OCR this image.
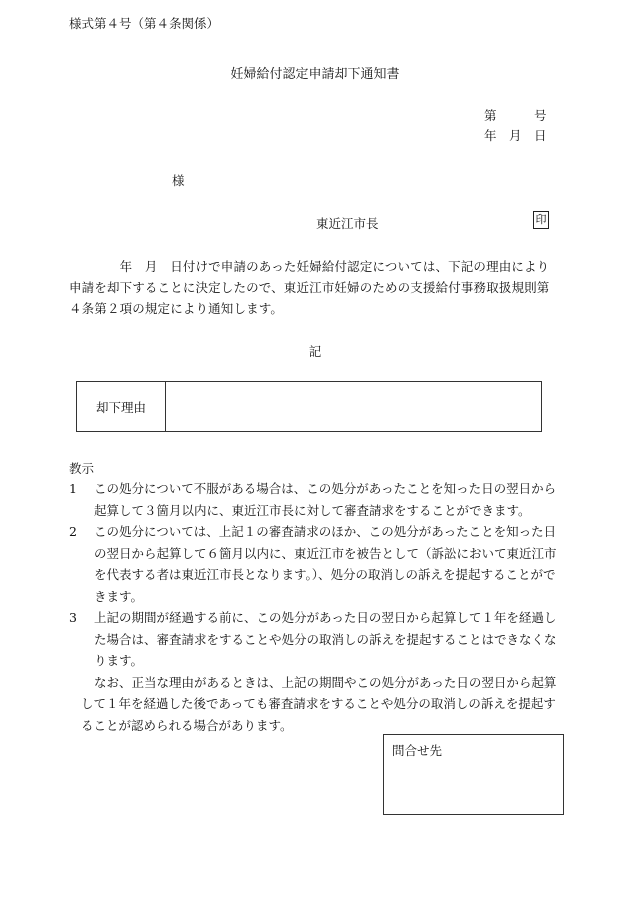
様式第４号（第４条関係）
妊婦給付認定申請却下通知書
第　　　号
年　月　日
様
東近江市長	印
　　　　年　月　日付けで申請のあった妊婦給付認定については、下記の理由により申請を却下することに決定したので、東近江市妊婦のための支援給付事務取扱規則第４条第２項の規定により通知します。
記
却下理由
教示
1	この処分について不服がある場合は、この処分があったことを知った日の翌日から起算して３箇月以内に、東近江市長に対して審査請求をすることができます。
2	この処分については、上記１の審査請求のほか、この処分があったことを知った日の翌日から起算して６箇月以内に、東近江市を被告として（訴訟において東近江市を代表する者は東近江市長となります。）、処分の取消しの訴えを提起することができます。
3	上記の期間が経過する前に、この処分があった日の翌日から起算して１年を経過した場合は、審査請求をすることや処分の取消しの訴えを提起することはできなくなります。
なお、正当な理由があるときは、上記の期間やこの処分があった日の翌日から起算して１年を経過した後であっても審査請求をすることや処分の取消しの訴えを提起することが認められる場合があります。
問合せ先
